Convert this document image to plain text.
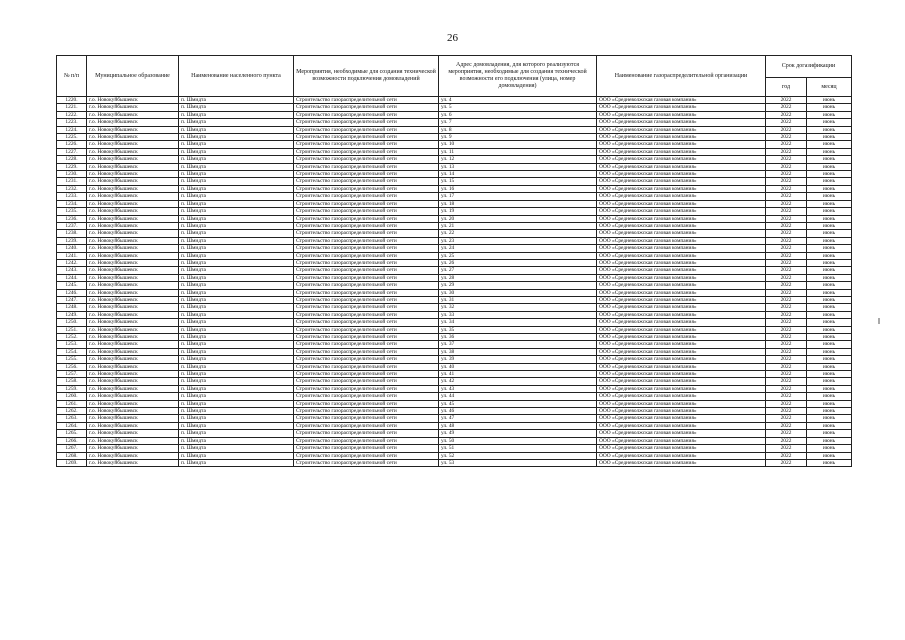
26
№ п/п	Муниципальное образование	Наименование населенного пункта	Мероприятия, необходимые для создания технической возможности подключения домовладений	Адрес домовладения, для которого реализуются мероприятия, необходимые для создания технической возможности его подключения (улица, номер домовладения)	Наименование газораспределительной организации	Срок догазификации	
						год	месяц
1220.	г.о. Новокуйбышевск	п. Шмидта	Строительство газораспределительной сети	ул. 4	ООО «Средневолжская газовая компания»	2022	июнь
1221.	г.о. Новокуйбышевск	п. Шмидта	Строительство газораспределительной сети	ул. 5	ООО «Средневолжская газовая компания»	2022	июнь
1222.	г.о. Новокуйбышевск	п. Шмидта	Строительство газораспределительной сети	ул. 6	ООО «Средневолжская газовая компания»	2022	июнь
1223.	г.о. Новокуйбышевск	п. Шмидта	Строительство газораспределительной сети	ул. 7	ООО «Средневолжская газовая компания»	2022	июнь
1224.	г.о. Новокуйбышевск	п. Шмидта	Строительство газораспределительной сети	ул. 8	ООО «Средневолжская газовая компания»	2022	июнь
1225.	г.о. Новокуйбышевск	п. Шмидта	Строительство газораспределительной сети	ул. 9	ООО «Средневолжская газовая компания»	2022	июнь
1226.	г.о. Новокуйбышевск	п. Шмидта	Строительство газораспределительной сети	ул. 10	ООО «Средневолжская газовая компания»	2022	июнь
1227.	г.о. Новокуйбышевск	п. Шмидта	Строительство газораспределительной сети	ул. 11	ООО «Средневолжская газовая компания»	2022	июнь
1228.	г.о. Новокуйбышевск	п. Шмидта	Строительство газораспределительной сети	ул. 12	ООО «Средневолжская газовая компания»	2022	июнь
1229.	г.о. Новокуйбышевск	п. Шмидта	Строительство газораспределительной сети	ул. 13	ООО «Средневолжская газовая компания»	2022	июнь
1230.	г.о. Новокуйбышевск	п. Шмидта	Строительство газораспределительной сети	ул. 14	ООО «Средневолжская газовая компания»	2022	июнь
1231.	г.о. Новокуйбышевск	п. Шмидта	Строительство газораспределительной сети	ул. 15	ООО «Средневолжская газовая компания»	2022	июнь
1232.	г.о. Новокуйбышевск	п. Шмидта	Строительство газораспределительной сети	ул. 16	ООО «Средневолжская газовая компания»	2022	июнь
1233.	г.о. Новокуйбышевск	п. Шмидта	Строительство газораспределительной сети	ул. 17	ООО «Средневолжская газовая компания»	2022	июнь
1234.	г.о. Новокуйбышевск	п. Шмидта	Строительство газораспределительной сети	ул. 18	ООО «Средневолжская газовая компания»	2022	июнь
1235.	г.о. Новокуйбышевск	п. Шмидта	Строительство газораспределительной сети	ул. 19	ООО «Средневолжская газовая компания»	2022	июнь
1236.	г.о. Новокуйбышевск	п. Шмидта	Строительство газораспределительной сети	ул. 20	ООО «Средневолжская газовая компания»	2022	июнь
1237.	г.о. Новокуйбышевск	п. Шмидта	Строительство газораспределительной сети	ул. 21	ООО «Средневолжская газовая компания»	2022	июнь
1238.	г.о. Новокуйбышевск	п. Шмидта	Строительство газораспределительной сети	ул. 22	ООО «Средневолжская газовая компания»	2022	июнь
1239.	г.о. Новокуйбышевск	п. Шмидта	Строительство газораспределительной сети	ул. 23	ООО «Средневолжская газовая компания»	2022	июнь
1240.	г.о. Новокуйбышевск	п. Шмидта	Строительство газораспределительной сети	ул. 24	ООО «Средневолжская газовая компания»	2022	июнь
1241.	г.о. Новокуйбышевск	п. Шмидта	Строительство газораспределительной сети	ул. 25	ООО «Средневолжская газовая компания»	2022	июнь
1242.	г.о. Новокуйбышевск	п. Шмидта	Строительство газораспределительной сети	ул. 26	ООО «Средневолжская газовая компания»	2022	июнь
1243.	г.о. Новокуйбышевск	п. Шмидта	Строительство газораспределительной сети	ул. 27	ООО «Средневолжская газовая компания»	2022	июнь
1244.	г.о. Новокуйбышевск	п. Шмидта	Строительство газораспределительной сети	ул. 28	ООО «Средневолжская газовая компания»	2022	июнь
1245.	г.о. Новокуйбышевск	п. Шмидта	Строительство газораспределительной сети	ул. 29	ООО «Средневолжская газовая компания»	2022	июнь
1246.	г.о. Новокуйбышевск	п. Шмидта	Строительство газораспределительной сети	ул. 30	ООО «Средневолжская газовая компания»	2022	июнь
1247.	г.о. Новокуйбышевск	п. Шмидта	Строительство газораспределительной сети	ул. 31	ООО «Средневолжская газовая компания»	2022	июнь
1248.	г.о. Новокуйбышевск	п. Шмидта	Строительство газораспределительной сети	ул. 32	ООО «Средневолжская газовая компания»	2022	июнь
1249.	г.о. Новокуйбышевск	п. Шмидта	Строительство газораспределительной сети	ул. 33	ООО «Средневолжская газовая компания»	2022	июнь
1250.	г.о. Новокуйбышевск	п. Шмидта	Строительство газораспределительной сети	ул. 34	ООО «Средневолжская газовая компания»	2022	июнь
1251.	г.о. Новокуйбышевск	п. Шмидта	Строительство газораспределительной сети	ул. 35	ООО «Средневолжская газовая компания»	2022	июнь
1252.	г.о. Новокуйбышевск	п. Шмидта	Строительство газораспределительной сети	ул. 36	ООО «Средневолжская газовая компания»	2022	июнь
1253.	г.о. Новокуйбышевск	п. Шмидта	Строительство газораспределительной сети	ул. 37	ООО «Средневолжская газовая компания»	2022	июнь
1254.	г.о. Новокуйбышевск	п. Шмидта	Строительство газораспределительной сети	ул. 38	ООО «Средневолжская газовая компания»	2022	июнь
1255.	г.о. Новокуйбышевск	п. Шмидта	Строительство газораспределительной сети	ул. 39	ООО «Средневолжская газовая компания»	2022	июнь
1256.	г.о. Новокуйбышевск	п. Шмидта	Строительство газораспределительной сети	ул. 40	ООО «Средневолжская газовая компания»	2022	июнь
1257.	г.о. Новокуйбышевск	п. Шмидта	Строительство газораспределительной сети	ул. 41	ООО «Средневолжская газовая компания»	2022	июнь
1258.	г.о. Новокуйбышевск	п. Шмидта	Строительство газораспределительной сети	ул. 42	ООО «Средневолжская газовая компания»	2022	июнь
1259.	г.о. Новокуйбышевск	п. Шмидта	Строительство газораспределительной сети	ул. 43	ООО «Средневолжская газовая компания»	2022	июнь
1260.	г.о. Новокуйбышевск	п. Шмидта	Строительство газораспределительной сети	ул. 44	ООО «Средневолжская газовая компания»	2022	июнь
1261.	г.о. Новокуйбышевск	п. Шмидта	Строительство газораспределительной сети	ул. 45	ООО «Средневолжская газовая компания»	2022	июнь
1262.	г.о. Новокуйбышевск	п. Шмидта	Строительство газораспределительной сети	ул. 46	ООО «Средневолжская газовая компания»	2022	июнь
1263.	г.о. Новокуйбышевск	п. Шмидта	Строительство газораспределительной сети	ул. 47	ООО «Средневолжская газовая компания»	2022	июнь
1264.	г.о. Новокуйбышевск	п. Шмидта	Строительство газораспределительной сети	ул. 48	ООО «Средневолжская газовая компания»	2022	июнь
1265.	г.о. Новокуйбышевск	п. Шмидта	Строительство газораспределительной сети	ул. 49	ООО «Средневолжская газовая компания»	2022	июнь
1266.	г.о. Новокуйбышевск	п. Шмидта	Строительство газораспределительной сети	ул. 50	ООО «Средневолжская газовая компания»	2022	июнь
1267.	г.о. Новокуйбышевск	п. Шмидта	Строительство газораспределительной сети	ул. 51	ООО «Средневолжская газовая компания»	2022	июнь
1268.	г.о. Новокуйбышевск	п. Шмидта	Строительство газораспределительной сети	ул. 52	ООО «Средневолжская газовая компания»	2022	июнь
1269.	г.о. Новокуйбышевск	п. Шмидта	Строительство газораспределительной сети	ул. 53	ООО «Средневолжская газовая компания»	2022	июнь
